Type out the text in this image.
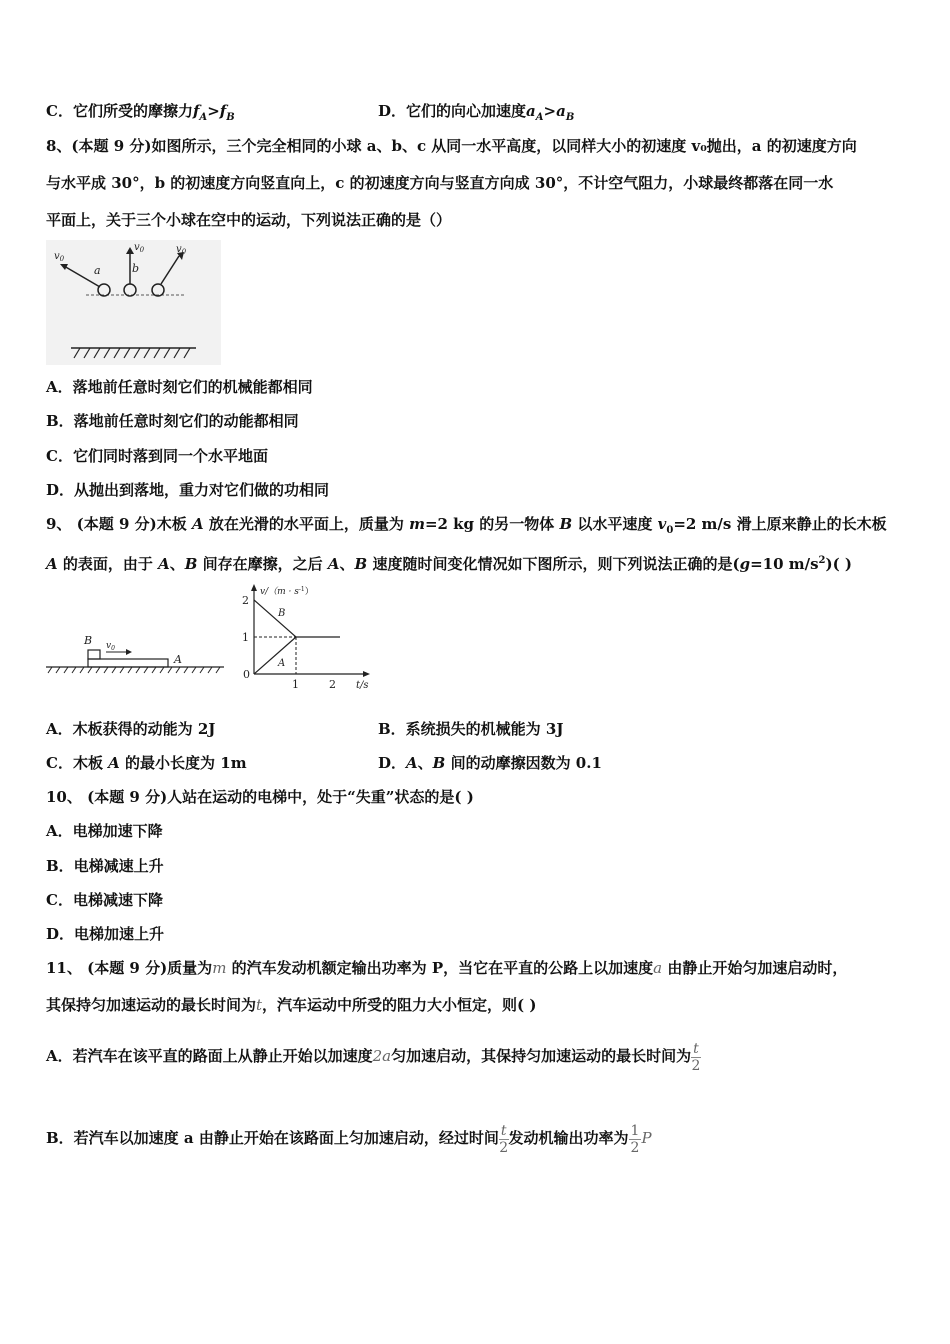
C．它们所受的摩擦力$f_A>f_B$	D．它们的向心加速度$a_A>a_B$
8、(本题 9 分)如图所示，三个完全相同的小球 a、b、c 从同一水平高度，以同样大小的初速度 v₀抛出，a 的初速度方向
与水平成 30°，b 的初速度方向竖直向上，c 的初速度方向与竖直方向成 30°，不计空气阻力，小球最终都落在同一水
平面上，关于三个小球在空中的运动，下列说法正确的是（）
$v_0$
a
$v_0$
b
$v_0$
A．落地前任意时刻它们的机械能都相同
B．落地前任意时刻它们的动能都相同
C．它们同时落到同一个水平地面
D．从抛出到落地，重力对它们做的功相同
9、 (本题 9 分)木板 A 放在光滑的水平面上，质量为 m=2 kg 的另一物体 B 以水平速度 $v_0=2$ m/s 滑上原来静止的长木板
A 的表面，由于 A、B 间存在摩擦，之后 A、B 速度随时间变化情况如下图所示，则下列说法正确的是(g=10 $m/s^2$)( )
B $v_0$
A
$v/(m \cdot s^{-1})$
t/s
2
1
0
1	2
B
A
A．木板获得的动能为 2J	B．系统损失的机械能为 3J
C．木板 A 的最小长度为 1m	D．A、B 间的动摩擦因数为 0.1
10、 (本题 9 分)人站在运动的电梯中，处于“失重”状态的是( )
A．电梯加速下降
B．电梯减速上升
C．电梯减速下降
D．电梯加速上升
11、 (本题 9 分)质量为m 的汽车发动机额定输出功率为 P，当它在平直的公路上以加速度a 由静止开始匀加速启动时，
其保持匀加速运动的最长时间为t，汽车运动中所受的阻力大小恒定，则( )
A．若汽车在该平直的路面上从静止开始以加速度2a匀加速启动，其保持匀加速运动的最长时间为 $\frac{t}{2}$
B．若汽车以加速度 a 由静止开始在该路面上匀加速启动，经过时间 $\frac{t}{2}$ 发动机输出功率为 $\frac{1}{2}$ P
